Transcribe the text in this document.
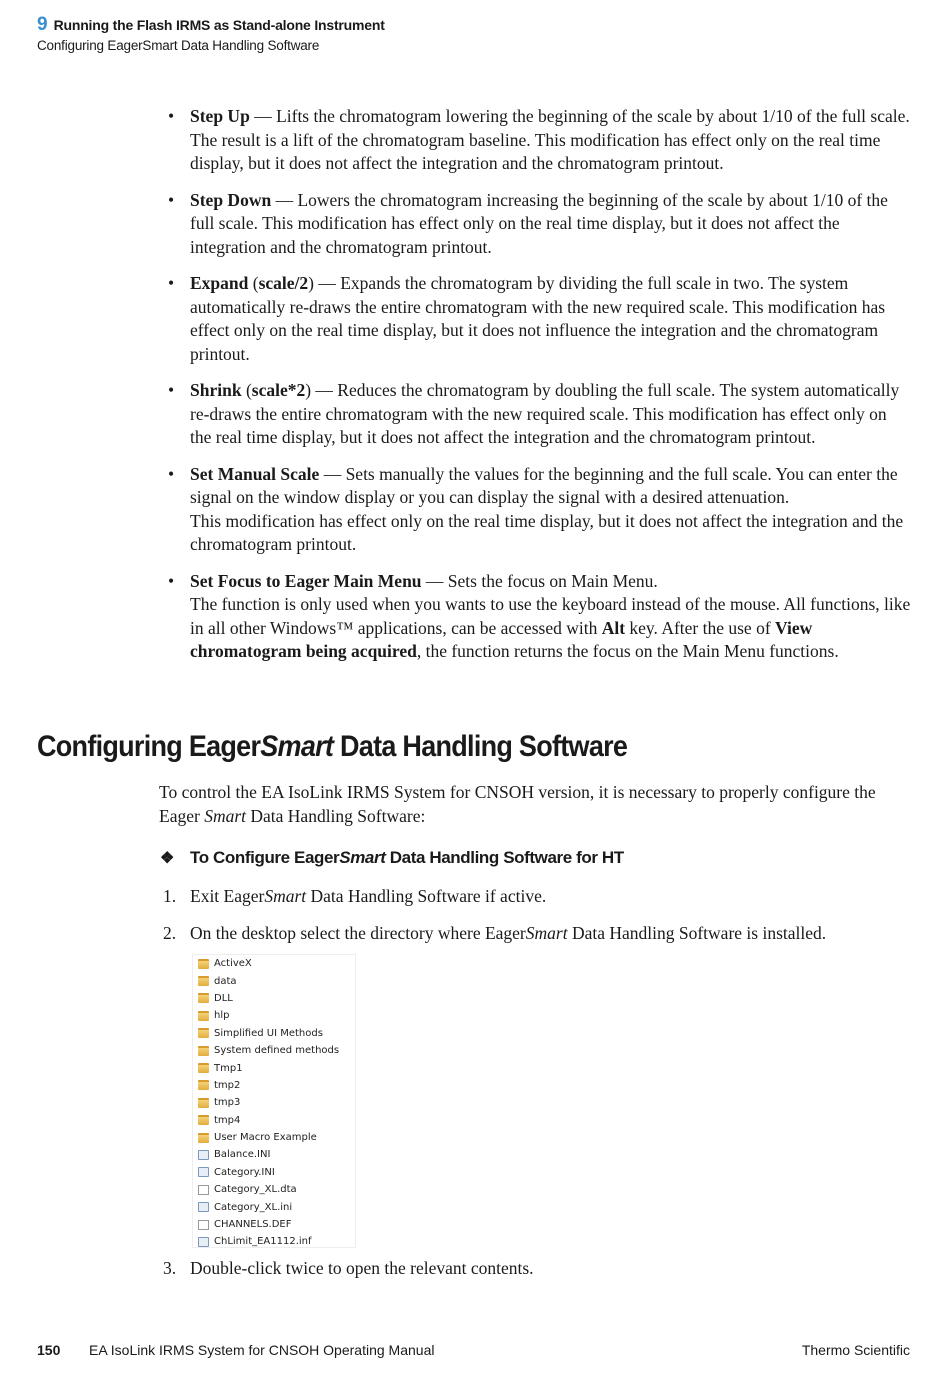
9 Running the Flash IRMS as Stand-alone Instrument
Configuring EagerSmart Data Handling Software
• Step Up — Lifts the chromatogram lowering the beginning of the scale by about 1/10 of the full scale. The result is a lift of the chromatogram baseline. This modification has effect only on the real time display, but it does not affect the integration and the chromatogram printout.
• Step Down — Lowers the chromatogram increasing the beginning of the scale by about 1/10 of the full scale. This modification has effect only on the real time display, but it does not affect the integration and the chromatogram printout.
• Expand (scale/2) — Expands the chromatogram by dividing the full scale in two. The system automatically re-draws the entire chromatogram with the new required scale. This modification has effect only on the real time display, but it does not influence the integration and the chromatogram printout.
• Shrink (scale*2) — Reduces the chromatogram by doubling the full scale. The system automatically re-draws the entire chromatogram with the new required scale. This modification has effect only on the real time display, but it does not affect the integration and the chromatogram printout.
• Set Manual Scale — Sets manually the values for the beginning and the full scale. You can enter the signal on the window display or you can display the signal with a desired attenuation.
This modification has effect only on the real time display, but it does not affect the integration and the chromatogram printout.
• Set Focus to Eager Main Menu — Sets the focus on Main Menu.
The function is only used when you wants to use the keyboard instead of the mouse. All functions, like in all other Windows™ applications, can be accessed with Alt key. After the use of View chromatogram being acquired, the function returns the focus on the Main Menu functions.
Configuring EagerSmart Data Handling Software

To control the EA IsoLink IRMS System for CNSOH version, it is necessary to properly configure the Eager Smart Data Handling Software:

❖ To Configure EagerSmart Data Handling Software for HT
1. Exit EagerSmart Data Handling Software if active.
2. On the desktop select the directory where EagerSmart Data Handling Software is installed.
ActiveX
data
DLL
hlp
Simplified UI Methods
System defined methods
Tmp1
tmp2
tmp3
tmp4
User Macro Example
Balance.INI
Category.INI
Category_XL.dta
Category_XL.ini
CHANNELS.DEF
ChLimit_EA1112.inf
3. Double-click twice to open the relevant contents.
150 EA IsoLink IRMS System for CNSOH Operating Manual	Thermo Scientific
